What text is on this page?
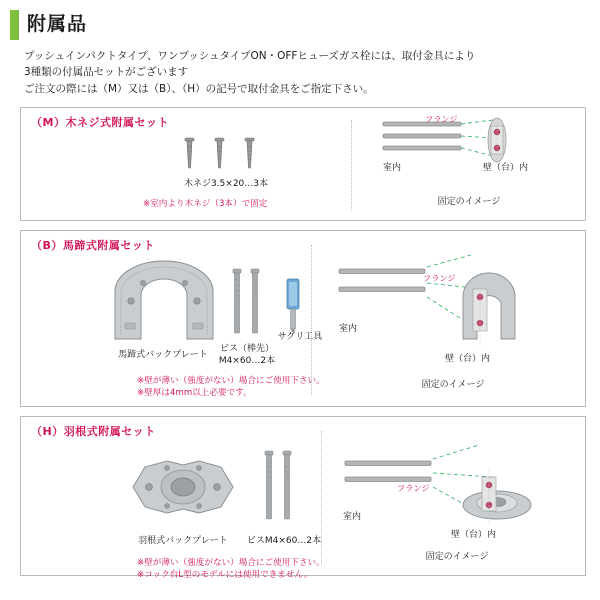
附属品
プッシュインパクトタイプ、ワンプッシュタイプON・OFFヒューズガス栓には、取付金具により
3種類の付属品セットがございます
ご注文の際には（M）又は（B）、（H）の記号で取付金具をご指定下さい。
（M）木ネジ式附属セット
木ネジ3.5×20…3本
※室内より木ネジ（3本）で固定
フランジ
室内	壁（台）内
固定のイメージ
（B）馬蹄式附属セット
馬蹄式バックプレート
ビス（棒先）
M4×60…2本
サグリ工具
※壁が薄い（強度がない）場合にご使用下さい。
※壁厚は4mm以上必要です。
フランジ
室内
壁（台）内
固定のイメージ
（H）羽根式附属セット
羽根式バックプレート	ビスM4×60…2本
※壁が薄い（強度がない）場合にご使用下さい。
※コック台L型のモデルには使用できません。
フランジ
室内
壁（台）内
固定のイメージ
